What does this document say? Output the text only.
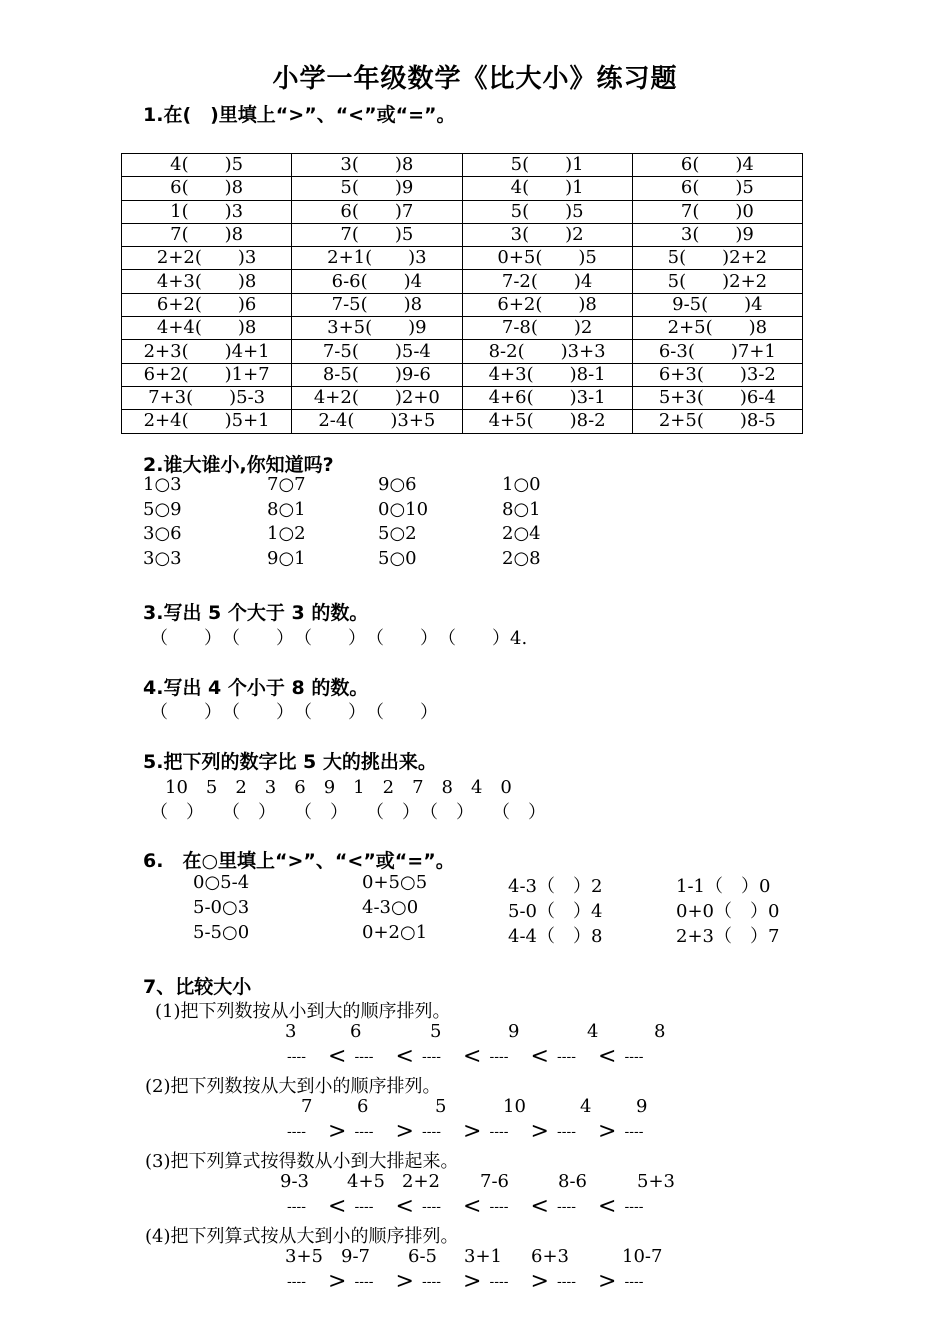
小学一年级数学《比大小》练习题
1.在(　)里填上“>”、“<”或“=”。
4(　　)5	3(　　)8	5(　　)1	6(　　)4
6(　　)8	5(　　)9	4(　　)1	6(　　)5
1(　　)3	6(　　)7	5(　　)5	7(　　)0
7(　　)8	7(　　)5	3(　　)2	3(　　)9
2+2(　　)3	2+1(　　)3	0+5(　　)5	5(　　)2+2
4+3(　　)8	6-6(　　)4	7-2(　　)4	5(　　)2+2
6+2(　　)6	7-5(　　)8	6+2(　　)8	9-5(　　)4
4+4(　　)8	3+5(　　)9	7-8(　　)2	2+5(　　)8
2+3(　　)4+1	7-5(　　)5-4	8-2(　　)3+3	6-3(　　)7+1
6+2(　　)1+7	8-5(　　)9-6	4+3(　　)8-1	6+3(　　)3-2
7+3(　　)5-3	4+2(　　)2+0	4+6(　　)3-1	5+3(　　)6-4
2+4(　　)5+1	2-4(　　)3+5	4+5(　　)8-2	2+5(　　)8-5
2.谁大谁小,你知道吗?
1○3	7○7	9○6	1○0
5○9	8○1	0○10	8○1
3○6	1○2	5○2	2○4
3○3	9○1	5○0	2○8
3.写出 5 个大于 3 的数。
（　　）　（　　）　（　　）　（　　）　（　　）4.
4.写出 4 个小于 8 的数。
（　　）　（　　）　（　　）　（　　）
5.把下列的数字比 5 大的挑出来。
10　5　2　3　6　9　1　2　7　8　4　0
（　）　　（　）　　（　）　　（　）　（　）　　（　）
6.　在○里填上“>”、“<”或“=”。
0○5-4	0+5○5	4-3（　）2	1-1（　）0
5-0○3	4-3○0	5-0（　）4	0+0（　）0
5-5○0	0+2○1	4-4（　）8	2+3（　）7
7、比较大小
(1)把下列数按从小到大的顺序排列。
3	6	5	9	4	8
---- < ---- < ---- < ---- < ---- < ----
(2)把下列数按从大到小的顺序排列。
7 6	5	10	4 9
---- > ---- > ---- > ---- > ---- > ----
(3)把下列算式按得数从小到大排起来。
9-3 4+5 2+2 7-6	8-6	5+3
---- < ---- < ---- < ---- < ---- < ----
(4)把下列算式按从大到小的顺序排列。
3+5 9-7 6-5 3+1 6+3	10-7
---- > ---- > ---- > ---- > ---- > ----
